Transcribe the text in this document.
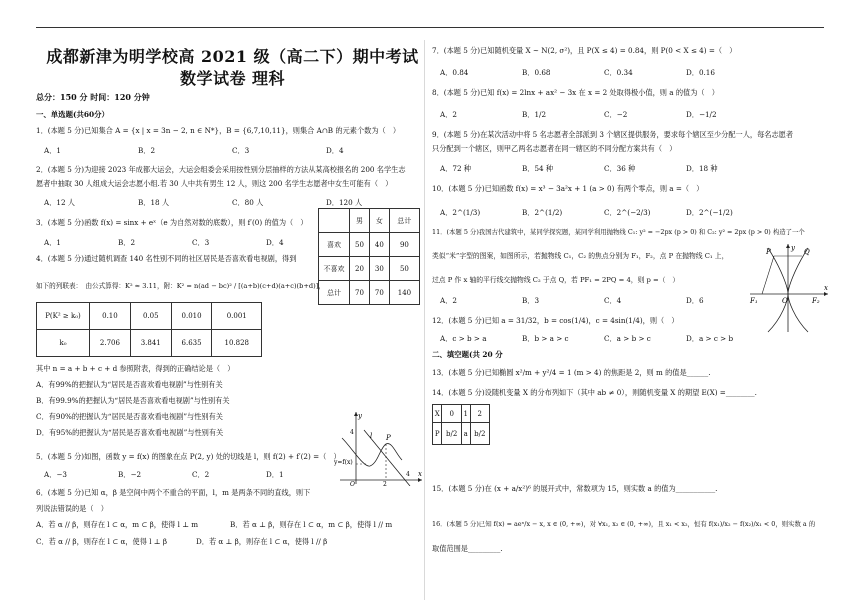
成都新津为明学校高 2021 级（高二下）期中考试
数学试卷 理科
总分：150 分 时间：120 分钟
一、单选题(共60分）
1．(本题 5 分)已知集合 A = {x | x = 3n − 2, n ∈ N*}，B = {6,7,10,11}，则集合 A∩B 的元素个数为（　）
A．1	B．2	C．3	D．4
2．(本题 5 分)为迎接 2023 年成都大运会，大运会组委会采用按性别分层抽样的方法从某高校报名的 200 名学生志
愿者中抽取 30 人组成大运会志愿小组.若 30 人中共有男生 12 人，则这 200 名学生志愿者中女生可能有（　）
A．12 人	B．18 人	C．80 人	D．120 人
3．(本题 5 分)函数 f(x) = sinx + eˣ（e 为自然对数的底数），则 f′(0) 的值为（　）
A．1	B．2	C．3	D．4
4．(本题 5 分)通过随机调查 140 名性别不同的社区居民是否喜欢看电视剧，得到
如下的列联表：　由公式算得：K² ≈ 3.11，附：K² = n(ad − bc)² / [(a+b)(c+d)(a+c)(b+d)]，
P(K² ≥ k₀)	0.10	0.05	0.010	0.001
k₀	2.706	3.841	6.635	10.828
	男	女	总计
喜欢	50	40	90
不喜欢	20	30	50
总计	70	70	140
其中 n = a + b + c + d 参照附表，得到的正确结论是（　）
A．有99%的把握认为“居民是否喜欢看电视剧”与性别有关
B．有99.9%的把握认为“居民是否喜欢看电视剧”与性别有关
C．有90%的把握认为“居民是否喜欢看电视剧”与性别有关
D．有95%的把握认为“居民是否喜欢看电视剧”与性别有关
y
l P
y=f(x)
O	2
4 x
4
5．(本题 5 分)如图，函数 y = f(x) 的图象在点 P(2, y) 处的切线是 l，则 f(2) + f′(2) =（　）
A．−3	B．−2	C．2	D．1
6．(本题 5 分)已知 α，β 是空间中两个不重合的平面，l，m 是两条不同的直线，则下
列说法错误的是（　）
A．若 α // β，则存在 l ⊂ α，m ⊂ β，使得 l ⊥ m	B．若 α ⊥ β，则存在 l ⊂ α，m ⊂ β，使得 l // m
C．若 α // β，则存在 l ⊂ α，使得 l ⊥ β	D．若 α ⊥ β，则存在 l ⊂ α，使得 l // β
7．(本题 5 分)已知随机变量 X ~ N(2, σ²)，且 P(X ≤ 4) = 0.84，则 P(0 < X ≤ 4) =（　）
A．0.84	B．0.68	C．0.34	D．0.16
8．(本题 5 分)已知 f(x) = 2lnx + ax² − 3x 在 x = 2 处取得极小值，则 a 的值为（　）
A．2	B．1/2	C．−2	D．−1/2
9．(本题 5 分)在某次活动中将 5 名志愿者全部派到 3 个辖区提供服务，要求每个辖区至少分配一人，每名志愿者
只分配到一个辖区，则甲乙两名志愿者在同一辖区的不同分配方案共有（　）
A．72 种	B．54 种	C．36 种	D．18 种
10．(本题 5 分)已知函数 f(x) = x³ − 3a²x + 1 (a > 0) 有两个零点，则 a =（　）
A．2^(1/3)	B．2^(1/2)	C．2^(−2/3)	D．2^(−1/2)
11．(本题 5 分)我国古代建筑中，某同学探究题，某同学利用抛物线 C₁: y² = −2px (p > 0) 和 C₂: y² = 2px (p > 0) 构造了一个
类似“米”字型的图案，如图所示，若抛物线 C₁，C₂ 的焦点分别为 F₁，F₂，点 P 在抛物线 C₁ 上，
过点 P 作 x 轴的平行线交抛物线 C₂ 于点 Q，若 PF₁ = 2PQ = 4，则 p =（　）
A．2	B．3	C．4	D．6
y
P	Q
F₁	O	F₂
x
12．(本题 5 分)已知 a = 31/32，b = cos(1/4)，c = 4sin(1/4)，则（　）
A．c > b > a	B．b > a > c	C．a > b > c	D．a > c > b
二、填空题(共 20 分
13．(本题 5 分)已知椭圆 x²/m + y²/4 = 1 (m > 4) 的焦距是 2，则 m 的值是______.
14．(本题 5 分)设随机变量 X 的分布列如下（其中 ab ≠ 0），则随机变量 X 的期望 E(X) =________.
X	0	1	2
P	b/2	a	b/2
15．(本题 5 分)在 (x + a/x²)⁶ 的展开式中，常数项为 15，则实数 a 的值为___________.
16．(本题 5 分)已知 f(x) = aeˣ/x − x, x ∈ (0, +∞)，对 ∀x₁, x₂ ∈ (0, +∞)，且 x₁ < x₂，恒有 f(x₁)/x₂ − f(x₂)/x₁ < 0，则实数 a 的
取值范围是_________.
